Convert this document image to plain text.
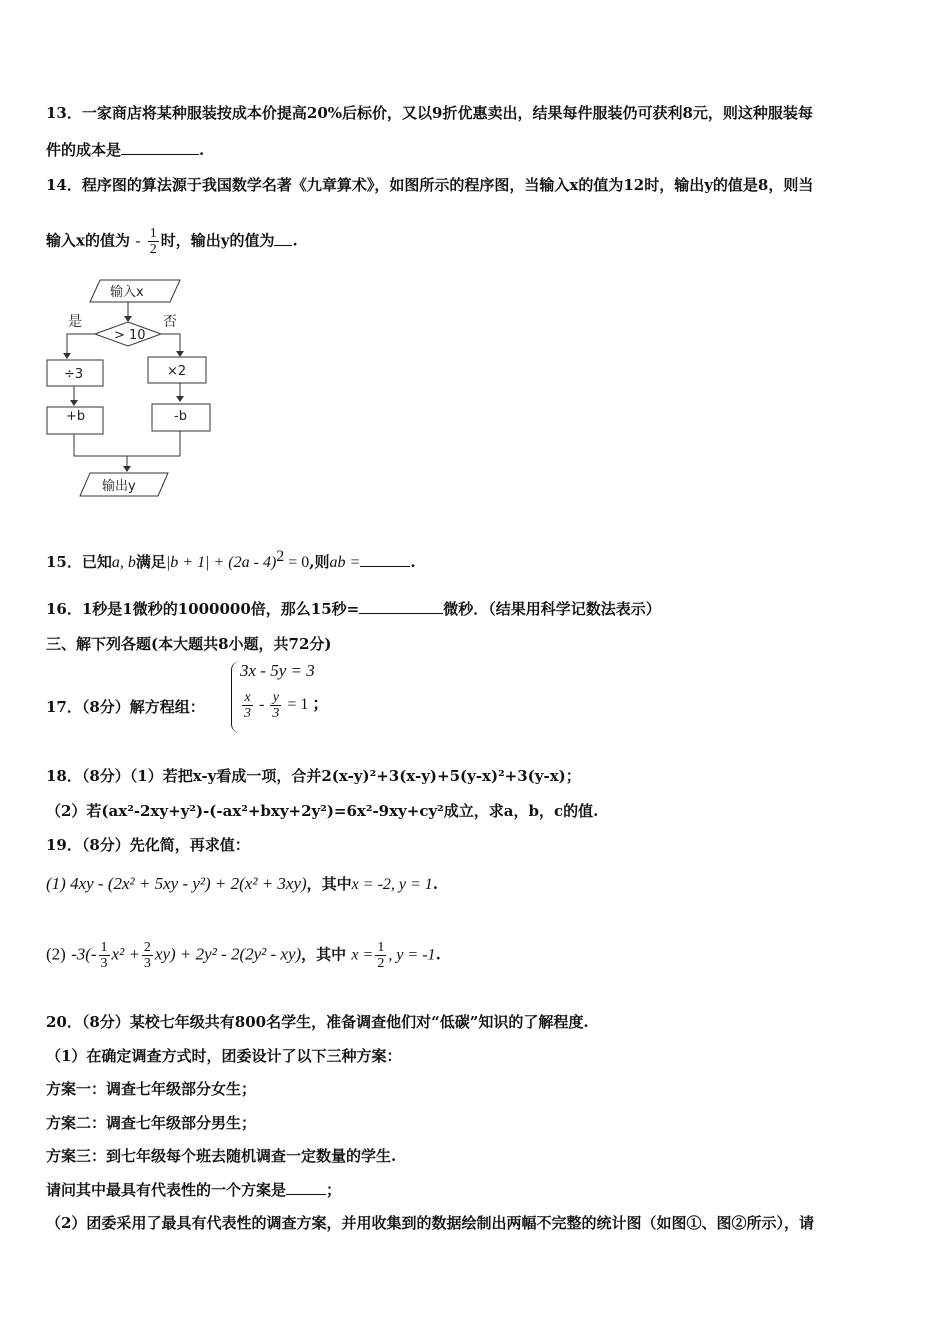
13．一家商店将某种服装按成本价提高20%后标价，又以9折优惠卖出，结果每件服装仍可获利8元，则这种服装每
件的成本是	.
14．程序图的算法源于我国数学名著《九章算术》，如图所示的程序图，当输入x的值为12时，输出y的值是8，则当
输入x的值为 - $\frac{1}{2}$ 时，输出y的值为 .
输入x
是	否
> 10
÷3	×2
+b	-b
输出y
15．已知a, b满足|b + 1| + (2a - 4)$^2$ = 0,则ab =	.
16．1秒是1微秒的1000000倍，那么15秒=	微秒．（结果用科学记数法表示）
三、解下列各题(本大题共8小题，共72分)
17．（8分）解方程组：
3x - 5y = 3
$\frac{x}{3} - \frac{y}{3} = 1$ ；
18．（8分）（1）若把x-y看成一项，合并2(x-y)²+3(x-y)+5(y-x)²+3(y-x)；
（2）若(ax²-2xy+y²)-(-ax²+bxy+2y²)=6x²-9xy+cy²成立，求a，b，c的值.
19．（8分）先化简，再求值：
(1) 4xy - (2x² + 5xy - y²) + 2(x² + 3xy)，其中x = -2, y = 1.
(2) $-3(- \frac{1}{3} x^2 + \frac{2}{3} xy) + 2y^2 - 2(2y^2 - xy)$，其中 $x = \frac{1}{2}$ , y = -1.
20．（8分）某校七年级共有800名学生，准备调查他们对“低碳”知识的了解程度.
（1）在确定调查方式时，团委设计了以下三种方案：
方案一：调查七年级部分女生；
方案二：调查七年级部分男生；
方案三：到七年级每个班去随机调查一定数量的学生.
请问其中最具有代表性的一个方案是	；
（2）团委采用了最具有代表性的调查方案，并用收集到的数据绘制出两幅不完整的统计图（如图①、图②所示），请
